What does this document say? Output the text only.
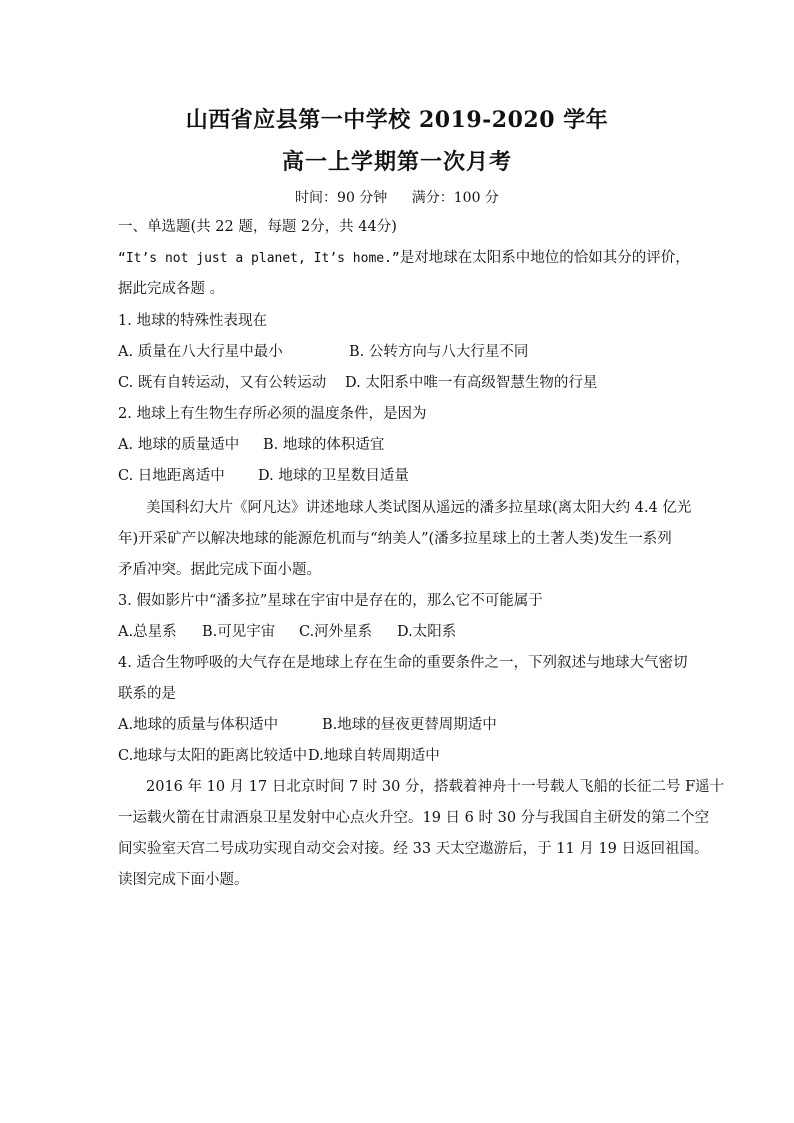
山西省应县第一中学校 2019-2020 学年
高一上学期第一次月考
时间：90 分钟 满分：100 分
一、单选题(共 22 题，每题 2分，共 44分)
“It’s not just a planet, It’s home.”是对地球在太阳系中地位的恰如其分的评价，
据此完成各题 。
1. 地球的特殊性表现在
A. 质量在八大行星中最小	B. 公转方向与八大行星不同
C. 既有自转运动，又有公转运动 D. 太阳系中唯一有高级智慧生物的行星
2. 地球上有生物生存所必须的温度条件，是因为
A. 地球的质量适中 B. 地球的体积适宜
C. 日地距离适中 D. 地球的卫星数目适量
美国科幻大片《阿凡达》讲述地球人类试图从遥远的潘多拉星球(离太阳大约 4.4 亿光
年)开采矿产以解决地球的能源危机而与“纳美人”(潘多拉星球上的土著人类)发生一系列
矛盾冲突。据此完成下面小题。
3. 假如影片中“潘多拉”星球在宇宙中是存在的，那么它不可能属于
A.总星系 B.可见宇宙 C.河外星系 D.太阳系
4. 适合生物呼吸的大气存在是地球上存在生命的重要条件之一，下列叙述与地球大气密切
联系的是
A.地球的质量与体积适中	B.地球的昼夜更替周期适中
C.地球与太阳的距离比较适中D.地球自转周期适中
2016 年 10 月 17 日北京时间 7 时 30 分，搭载着神舟十一号载人飞船的长征二号 F遥十
一运载火箭在甘肃酒泉卫星发射中心点火升空。19 日 6 时 30 分与我国自主研发的第二个空
间实验室天宫二号成功实现自动交会对接。经 33 天太空遨游后，于 11 月 19 日返回祖国。
读图完成下面小题。
